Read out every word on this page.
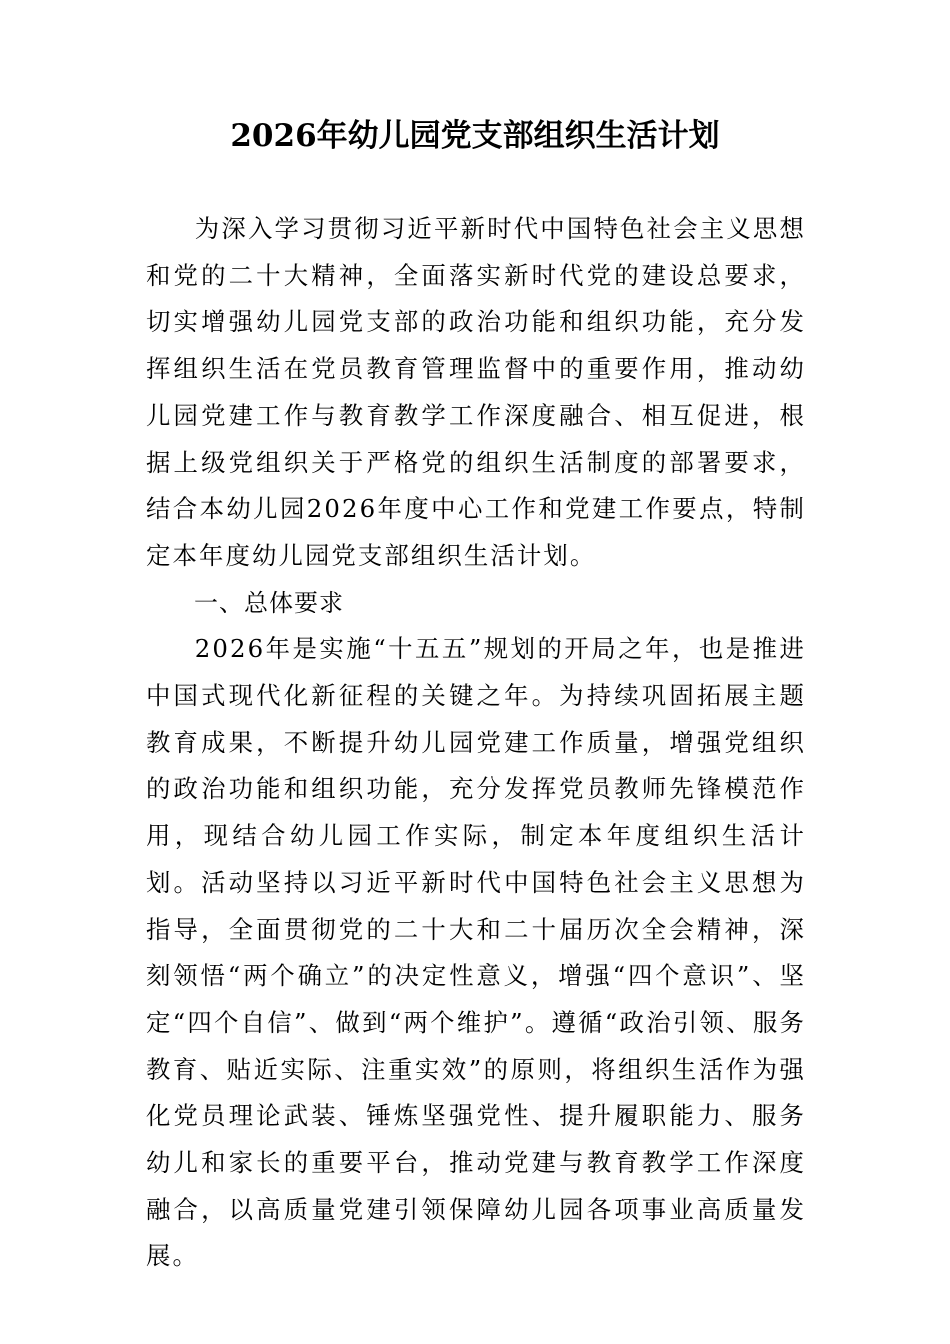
2026年幼儿园党支部组织生活计划

为深入学习贯彻习近平新时代中国特色社会主义思想和党的二十大精神，全面落实新时代党的建设总要求，切实增强幼儿园党支部的政治功能和组织功能，充分发挥组织生活在党员教育管理监督中的重要作用，推动幼儿园党建工作与教育教学工作深度融合、相互促进，根据上级党组织关于严格党的组织生活制度的部署要求，结合本幼儿园2026年度中心工作和党建工作要点，特制定本年度幼儿园党支部组织生活计划。

一、总体要求

2026年是实施“十五五”规划的开局之年，也是推进中国式现代化新征程的关键之年。为持续巩固拓展主题教育成果，不断提升幼儿园党建工作质量，增强党组织的政治功能和组织功能，充分发挥党员教师先锋模范作用，现结合幼儿园工作实际，制定本年度组织生活计划。活动坚持以习近平新时代中国特色社会主义思想为指导，全面贯彻党的二十大和二十届历次全会精神，深刻领悟“两个确立”的决定性意义，增强“四个意识”、坚定“四个自信”、做到“两个维护”。遵循“政治引领、服务教育、贴近实际、注重实效”的原则，将组织生活作为强化党员理论武装、锤炼坚强党性、提升履职能力、服务幼儿和家长的重要平台，推动党建与教育教学工作深度融合，以高质量党建引领保障幼儿园各项事业高质量发展。
